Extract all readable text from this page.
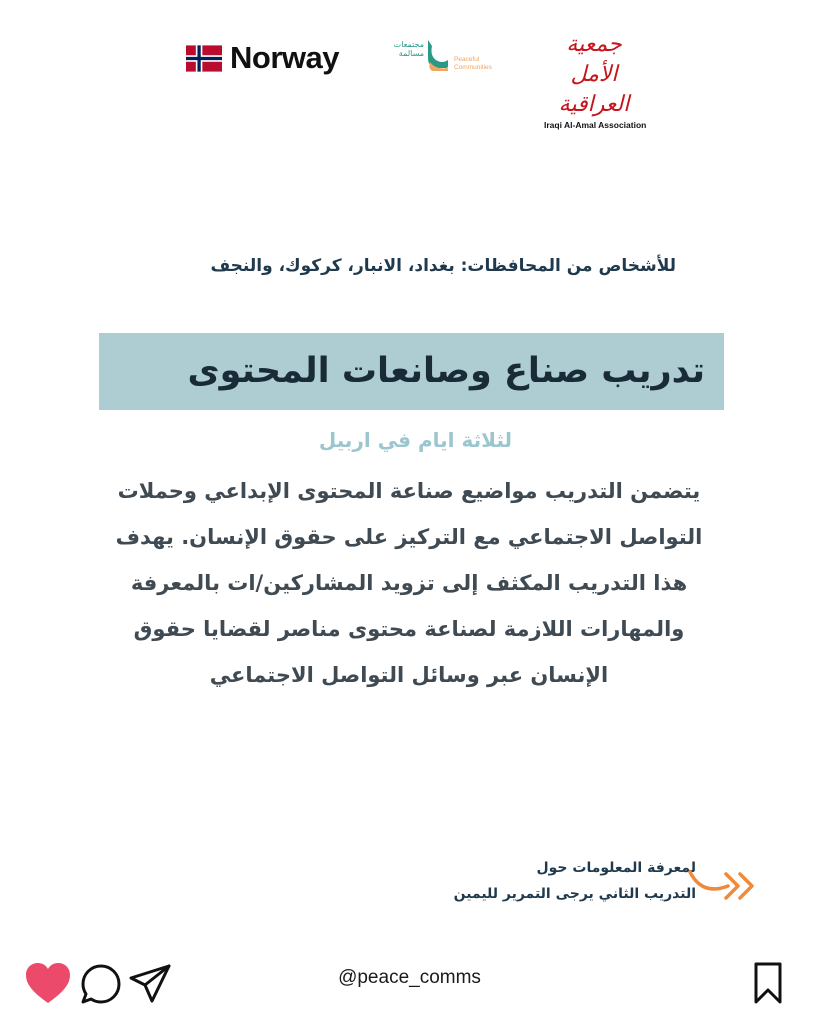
Norway	مجتمعات مسالمة
Peaceful
Communities
جمعية الأمل العراقية
Iraqi Al-Amal Association
للأشخاص من المحافظات: بغداد، الانبار، كركوك، والنجف
تدريب صناع وصانعات المحتوى
لثلاثة ايام في اربيل
يتضمن التدريب مواضيع صناعة المحتوى الإبداعي وحملات
التواصل الاجتماعي مع التركيز على حقوق الإنسان. يهدف
هذا التدريب المكثف إلى تزويد المشاركين/ات بالمعرفة
والمهارات اللازمة لصناعة محتوى مناصر لقضايا حقوق
الإنسان عبر وسائل التواصل الاجتماعي
لمعرفة المعلومات حول
التدريب الثاني يرجى التمرير لليمين
@peace_comms
